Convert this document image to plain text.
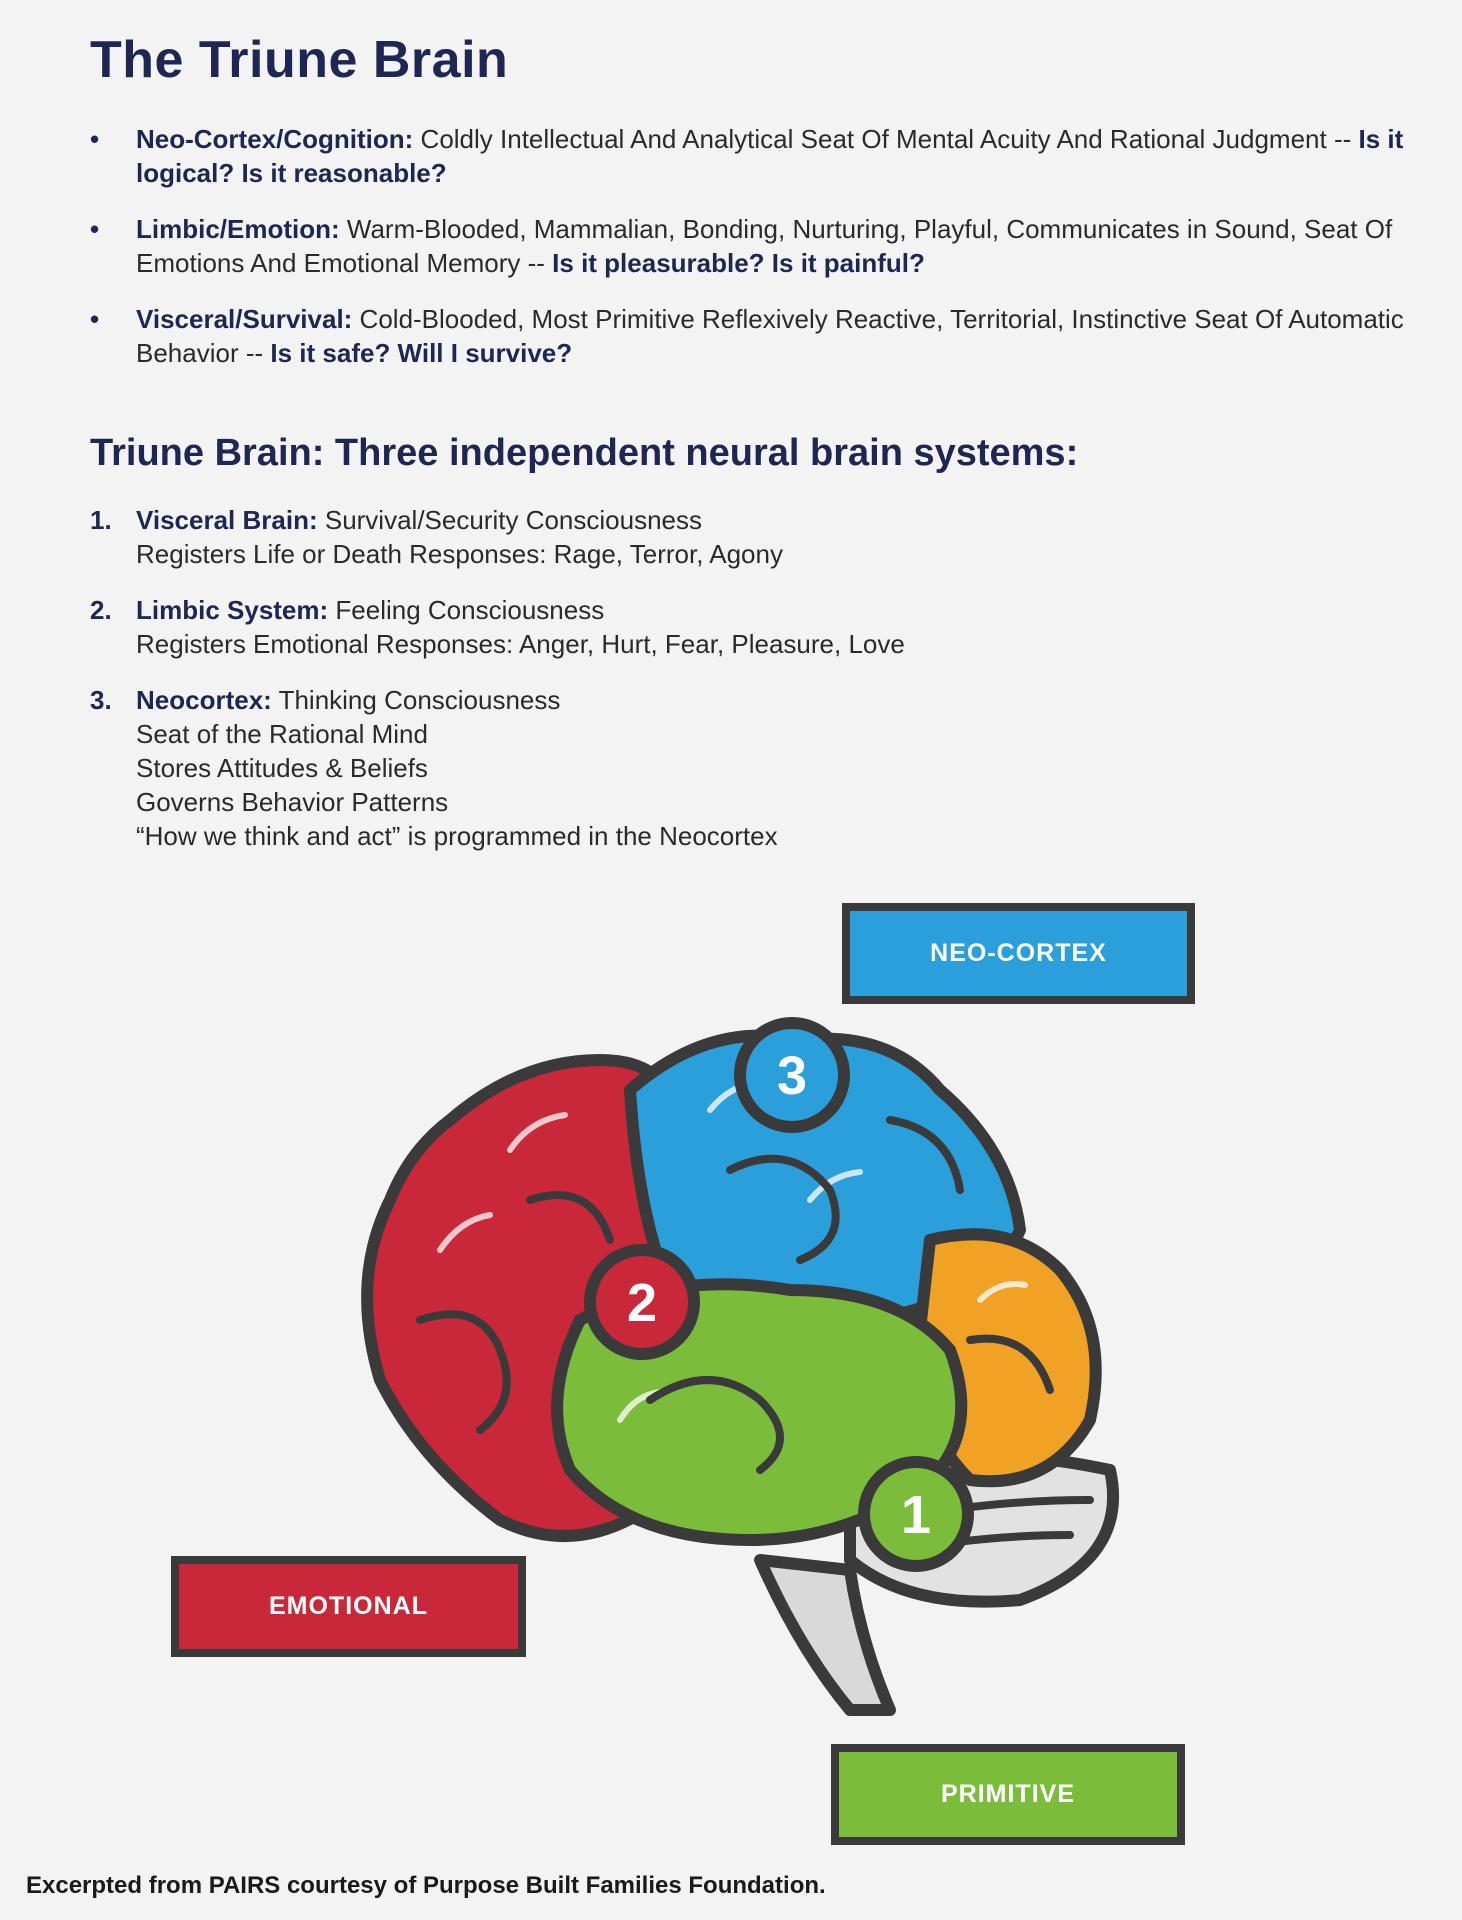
The Triune Brain
• Neo-Cortex/Cognition: Coldly Intellectual And Analytical Seat Of Mental Acuity And Rational Judgment -- Is it logical? Is it reasonable?
• Limbic/Emotion: Warm-Blooded, Mammalian, Bonding, Nurturing, Playful, Communicates in Sound, Seat Of Emotions And Emotional Memory -- Is it pleasurable? Is it painful?
• Visceral/Survival: Cold-Blooded, Most Primitive Reflexively Reactive, Territorial, Instinctive Seat Of Automatic Behavior -- Is it safe? Will I survive?
Triune Brain: Three independent neural brain systems:
1. Visceral Brain: Survival/Security Consciousness
Registers Life or Death Responses: Rage, Terror, Agony
2. Limbic System: Feeling Consciousness
Registers Emotional Responses: Anger, Hurt, Fear, Pleasure, Love
3. Neocortex: Thinking Consciousness
Seat of the Rational Mind
Stores Attitudes & Beliefs
Governs Behavior Patterns
“How we think and act” is programmed in the Neocortex
NEO-CORTEX
3
2
1
EMOTIONAL
PRIMITIVE
Excerpted from PAIRS courtesy of Purpose Built Families Foundation.
